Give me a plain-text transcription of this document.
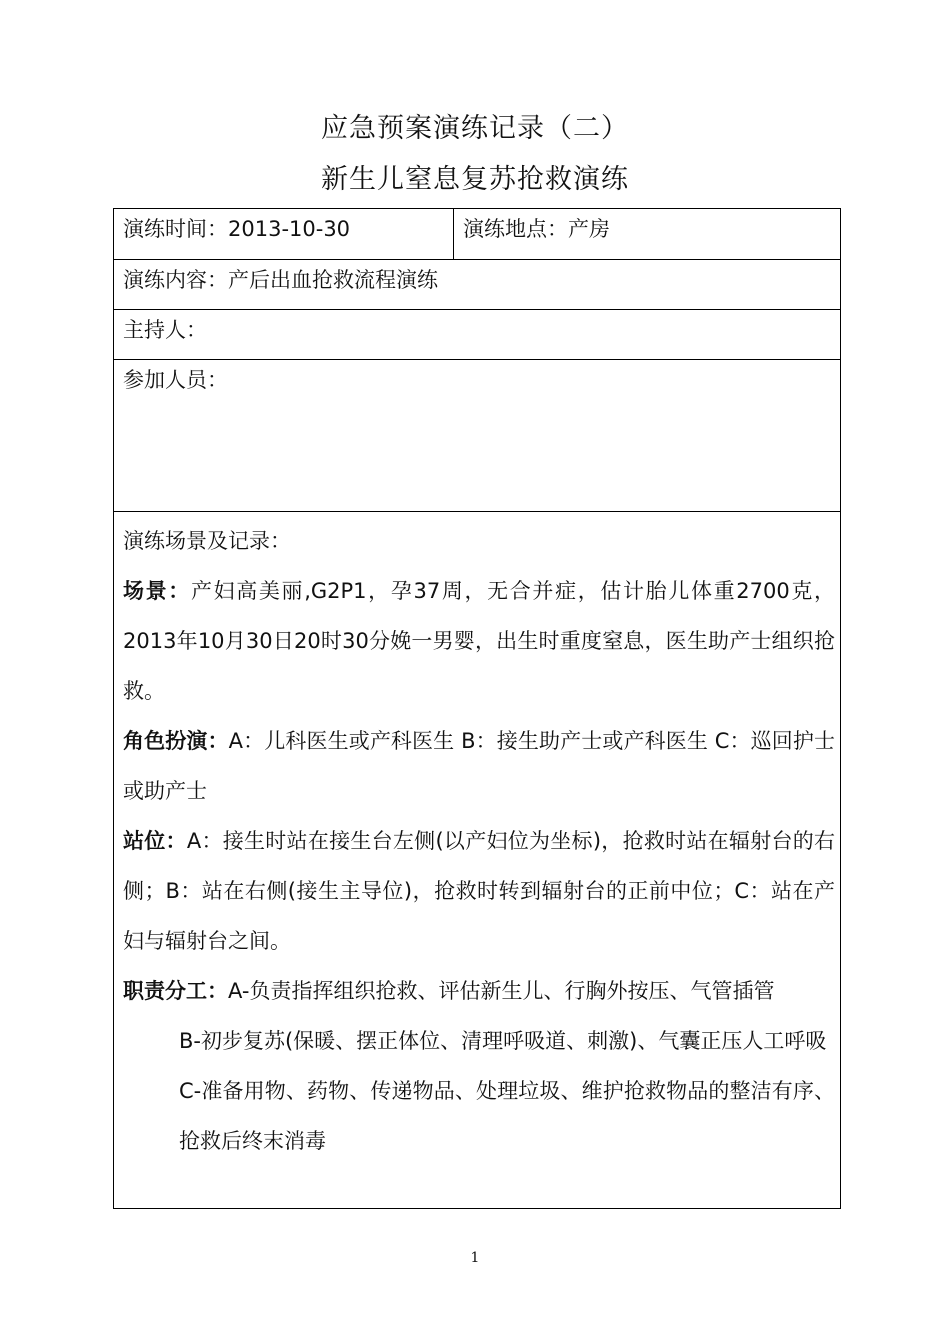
应急预案演练记录（二）
新生儿窒息复苏抢救演练
演练时间：2013-10-30	演练地点：产房
演练内容：产后出血抢救流程演练
主持人：
参加人员：

演练场景及记录：

场景：产妇高美丽,G2P1，孕37周，无合并症，估计胎儿体重2700克，2013年10月30日20时30分娩一男婴，出生时重度窒息，医生助产士组织抢救。

角色扮演：A：儿科医生或产科医生 B：接生助产士或产科医生 C：巡回护士或助产士

站位：A：接生时站在接生台左侧(以产妇位为坐标)，抢救时站在辐射台的右侧；B：站在右侧(接生主导位)，抢救时转到辐射台的正前中位；C：站在产妇与辐射台之间。

职责分工：A-负责指挥组织抢救、评估新生儿、行胸外按压、气管插管

B-初步复苏(保暖、摆正体位、清理呼吸道、刺激)、气囊正压人工呼吸

C-准备用物、药物、传递物品、处理垃圾、维护抢救物品的整洁有序、抢救后终末消毒

1
